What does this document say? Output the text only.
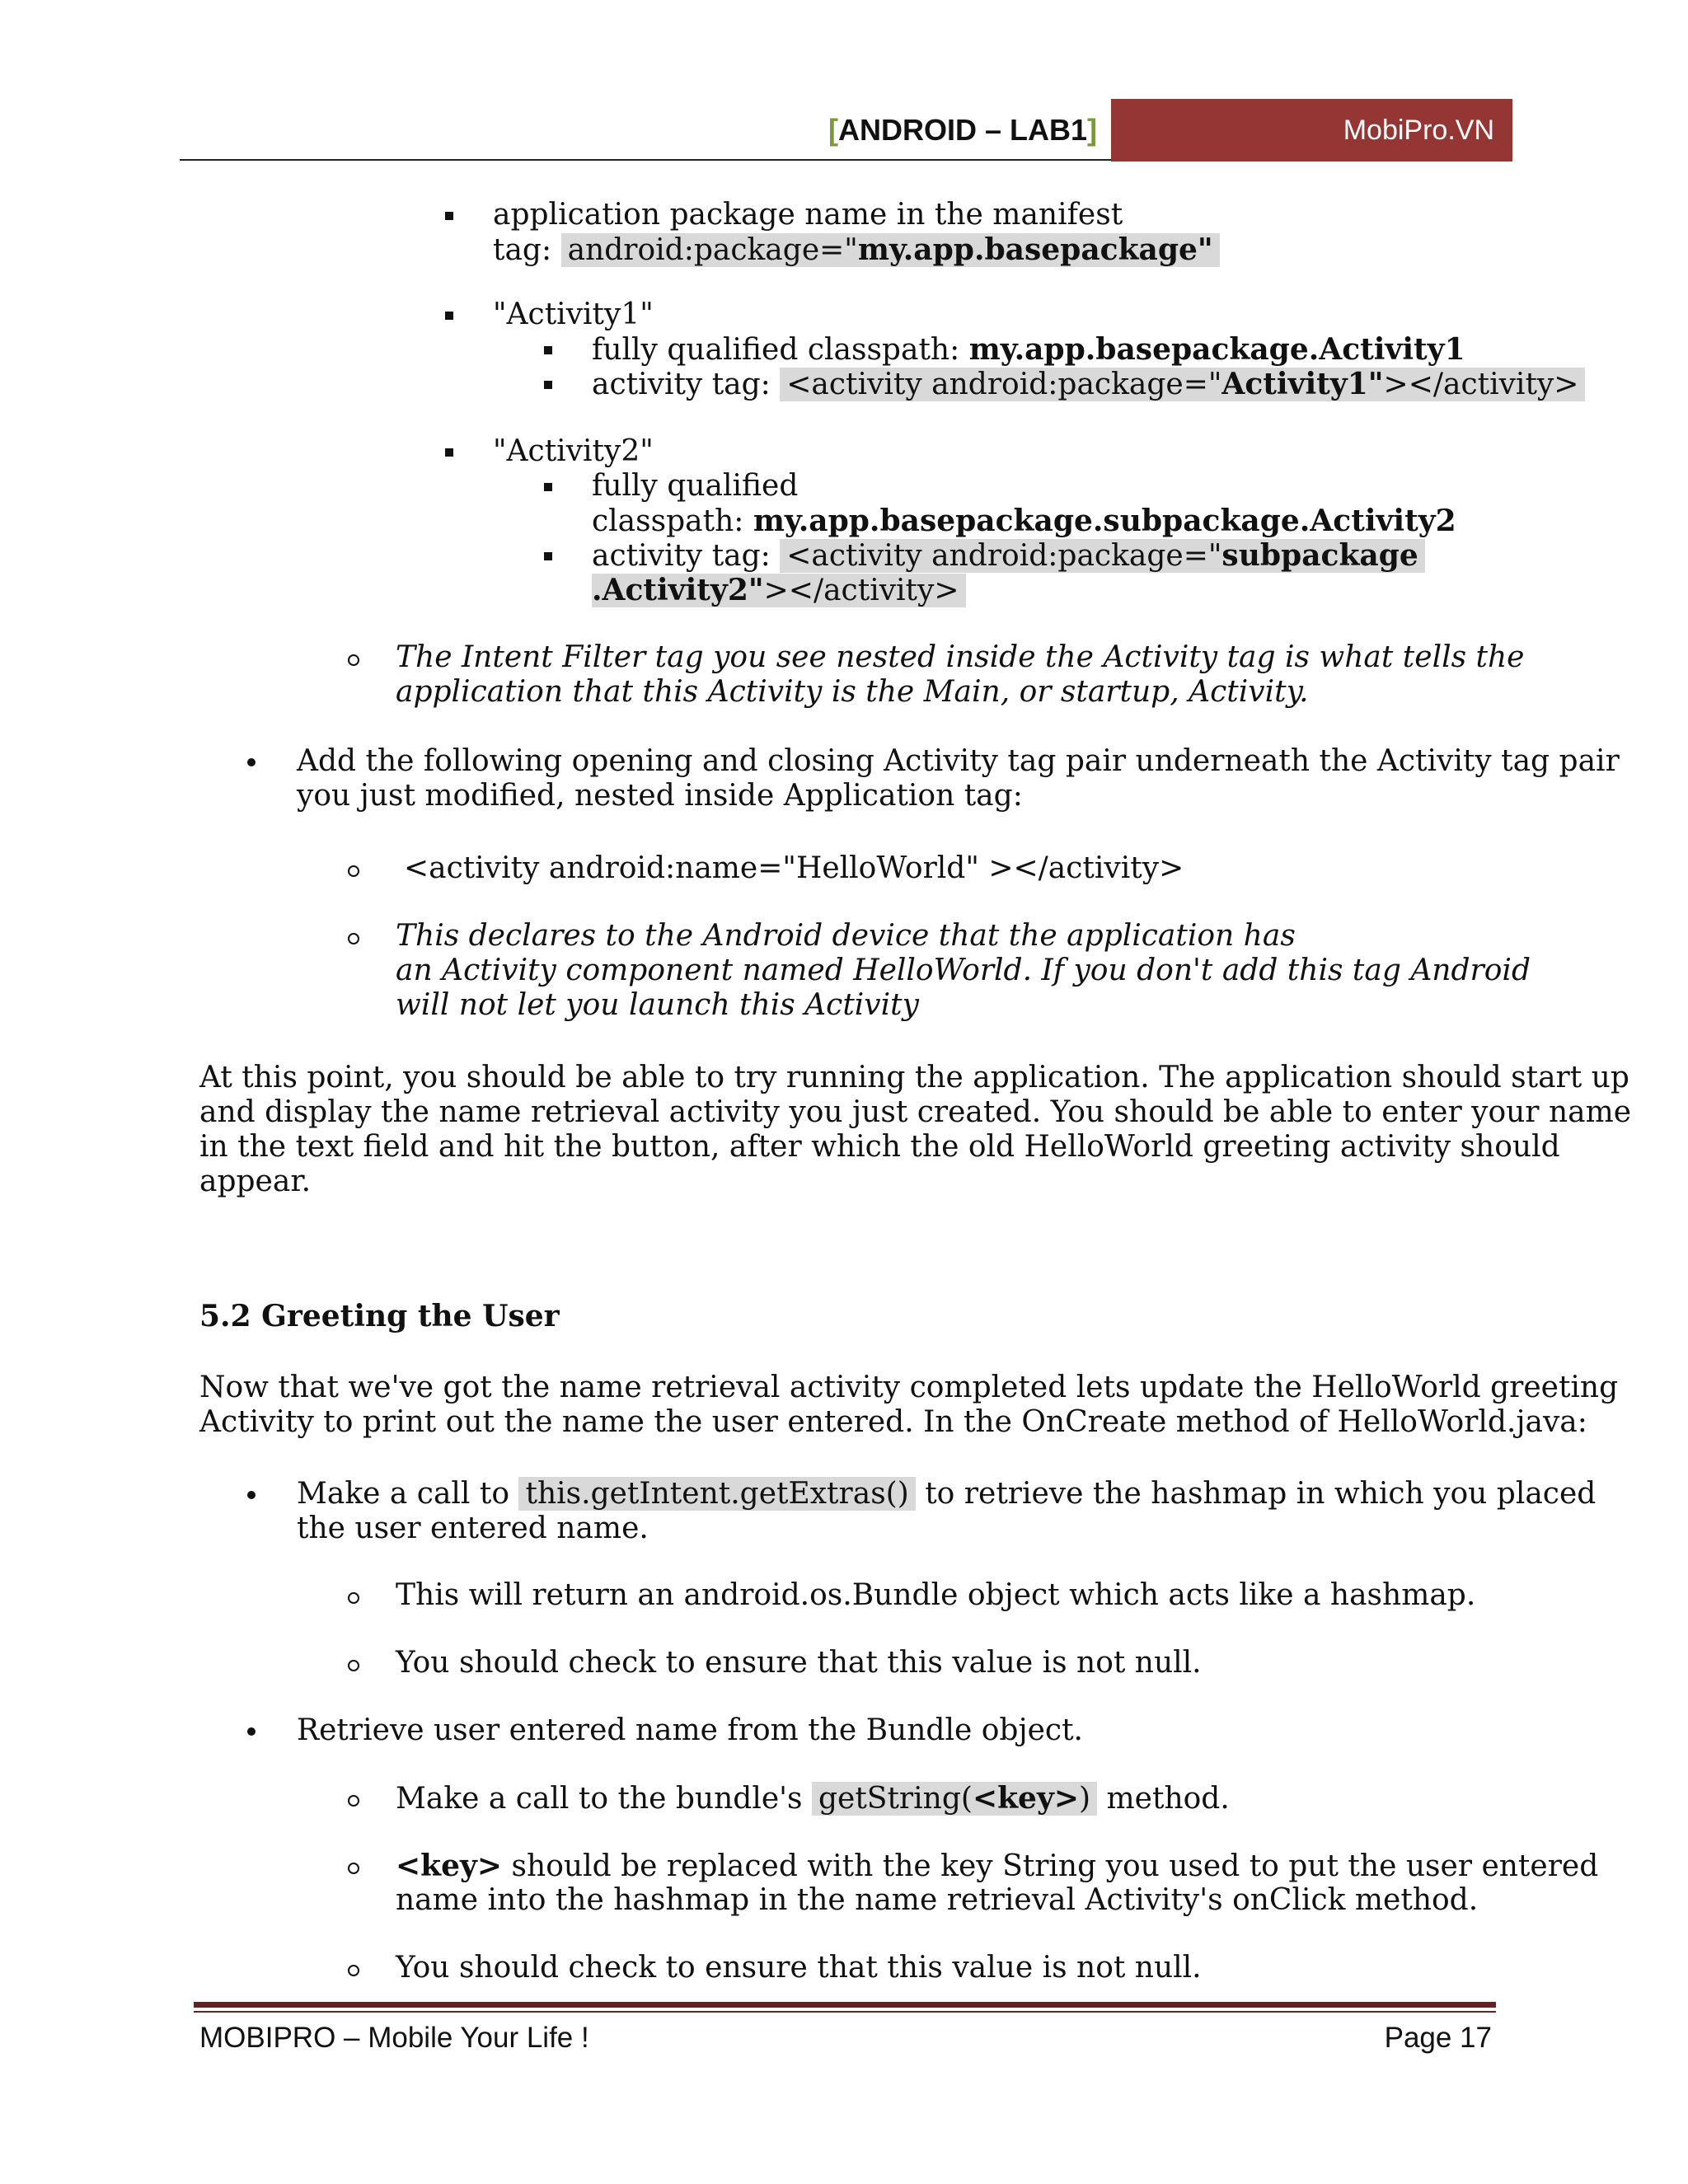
[ANDROID – LAB1]	MobiPro.VN
application package name in the manifest
tag: android:package="my.app.basepackage"
"Activity1"
fully qualified classpath: my.app.basepackage.Activity1
activity tag: <activity android:package="Activity1"></activity>
"Activity2"
fully qualified
classpath: my.app.basepackage.subpackage.Activity2
activity tag: <activity android:package="subpackage
.Activity2"></activity>
The Intent Filter tag you see nested inside the Activity tag is what tells the
application that this Activity is the Main, or startup, Activity.
Add the following opening and closing Activity tag pair underneath the Activity tag pair
you just modified, nested inside Application tag:
<activity android:name="HelloWorld" ></activity>
This declares to the Android device that the application has
an Activity component named HelloWorld. If you don't add this tag Android
will not let you launch this Activity
At this point, you should be able to try running the application. The application should start up
and display the name retrieval activity you just created. You should be able to enter your name
in the text field and hit the button, after which the old HelloWorld greeting activity should
appear.
5.2 Greeting the User
Now that we've got the name retrieval activity completed lets update the HelloWorld greeting
Activity to print out the name the user entered. In the OnCreate method of HelloWorld.java:
Make a call to this.getIntent.getExtras() to retrieve the hashmap in which you placed
the user entered name.
This will return an android.os.Bundle object which acts like a hashmap.
You should check to ensure that this value is not null.
Retrieve user entered name from the Bundle object.
Make a call to the bundle's getString(<key>) method.
<key> should be replaced with the key String you used to put the user entered
name into the hashmap in the name retrieval Activity's onClick method.
You should check to ensure that this value is not null.
MOBIPRO – Mobile Your Life !	Page 17
